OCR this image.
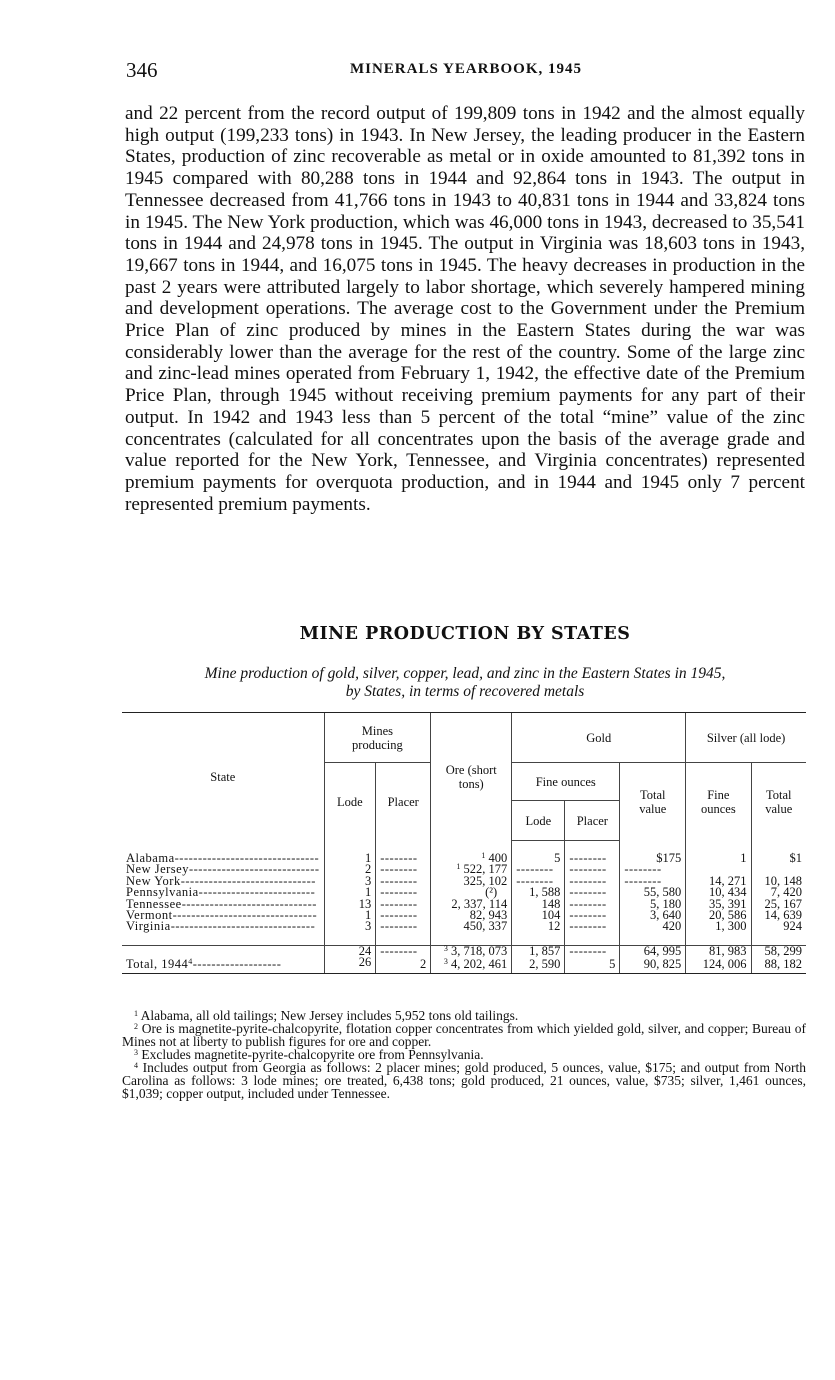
346	MINERALS YEARBOOK, 1945
and 22 percent from the record output of 199,809 tons in 1942 and the almost equally high output (199,233 tons) in 1943. In New Jersey, the leading producer in the Eastern States, production of zinc recoverable as metal or in oxide amounted to 81,392 tons in 1945 compared with 80,288 tons in 1944 and 92,864 tons in 1943. The output in Tennessee decreased from 41,766 tons in 1943 to 40,831 tons in 1944 and 33,824 tons in 1945. The New York production, which was 46,000 tons in 1943, decreased to 35,541 tons in 1944 and 24,978 tons in 1945. The output in Virginia was 18,603 tons in 1943, 19,667 tons in 1944, and 16,075 tons in 1945. The heavy decreases in production in the past 2 years were attributed largely to labor shortage, which severely hampered mining and development operations. The average cost to the Government under the Premium Price Plan of zinc produced by mines in the Eastern States during the war was considerably lower than the average for the rest of the country. Some of the large zinc and zinc-lead mines operated from February 1, 1942, the effective date of the Premium Price Plan, through 1945 without receiving premium payments for any part of their output. In 1942 and 1943 less than 5 percent of the total “mine” value of the zinc concentrates (calculated for all concentrates upon the basis of the average grade and value reported for the New York, Tennessee, and Virginia concentrates) represented premium payments for overquota production, and in 1944 and 1945 only 7 percent represented premium payments.
MINE PRODUCTION BY STATES
Mine production of gold, silver, copper, lead, and zinc in the Eastern States in 1945,
by States, in terms of recovered metals
State	Mines producing		Ore (short tons)	Gold			Silver (all lode)	
	Lode	Placer		Fine ounces		Total value	Fine ounces	Total value
				Lode	Placer			

Alabama-------------------------------	1	--------	$^1$ 400	5	--------	$175	1	$1
New Jersey----------------------------	2	--------	$^1$ 522, 177	--------	--------	--------		
New York-----------------------------	3	--------	325, 102	--------	--------	--------	14, 271	10, 148
Pennsylvania-------------------------	1	--------	(²)	1, 588	--------	55, 580	10, 434	7, 420
Tennessee-----------------------------	13	--------	2, 337, 114	148	--------	5, 180	35, 391	25, 167
Vermont-------------------------------	1	--------	82, 943	104	--------	3, 640	20, 586	14, 639
Virginia-------------------------------	3	--------	450, 337	12	--------	420	1, 300	924

	24	--------	$^3$ 3, 718, 073	1, 857	--------	64, 995	81, 983	58, 299
Total, 1944$^4$-------------------	26	2	$^3$ 4, 202, 461	2, 590	5	90, 825	124, 006	88, 182

$^1$ Alabama, all old tailings; New Jersey includes 5,952 tons old tailings.

$^2$ Ore is magnetite-pyrite-chalcopyrite, flotation copper concentrates from which yielded gold, silver, and copper; Bureau of Mines not at liberty to publish figures for ore and copper.

$^3$ Excludes magnetite-pyrite-chalcopyrite ore from Pennsylvania.

$^4$ Includes output from Georgia as follows: 2 placer mines; gold produced, 5 ounces, value, $175; and output from North Carolina as follows: 3 lode mines; ore treated, 6,438 tons; gold produced, 21 ounces, value, $735; silver, 1,461 ounces, $1,039; copper output, included under Tennessee.
